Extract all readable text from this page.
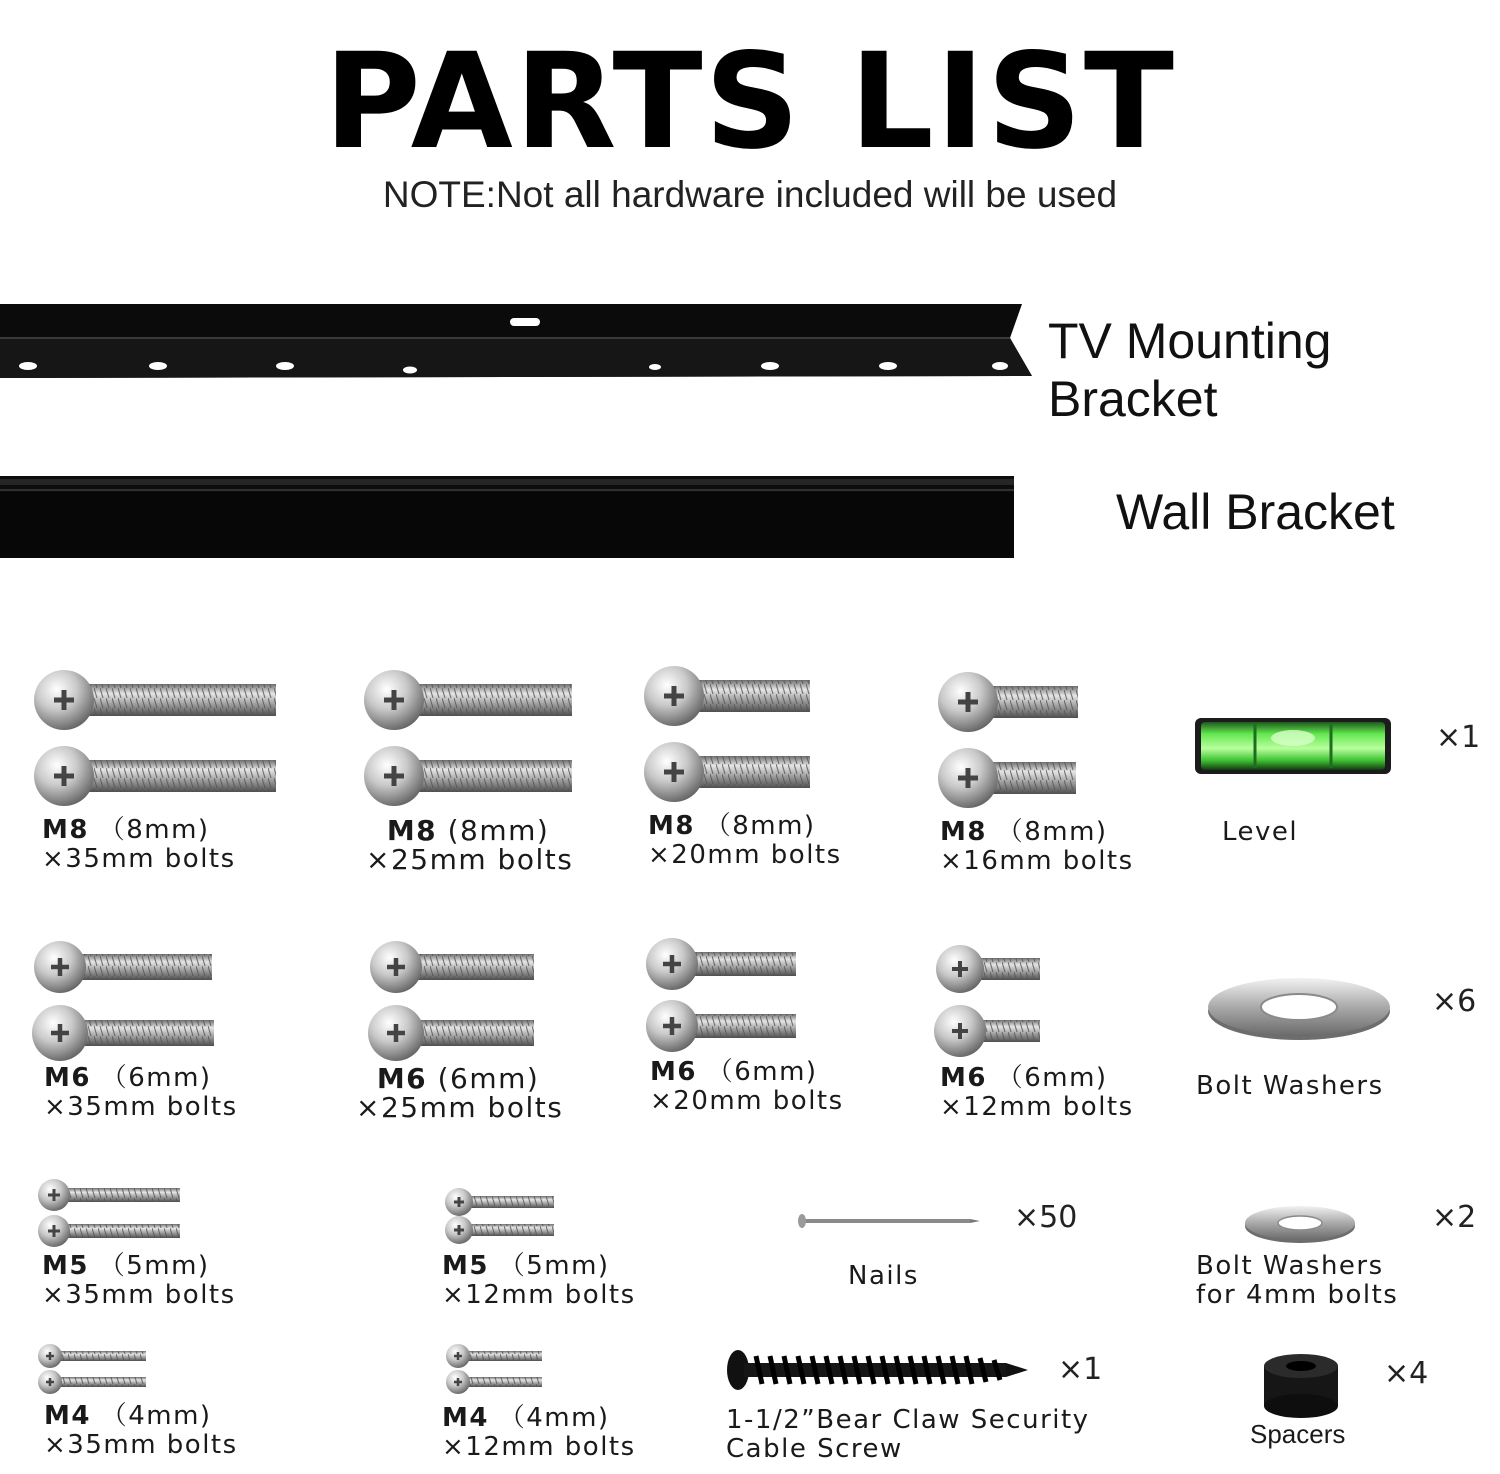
PARTS LIST
NOTE:Not all hardware included will be used
TV Mounting Bracket
Wall Bracket
M8 （8mm)
×35mm bolts
M8 (8mm)
×25mm bolts
M8 （8mm)
×20mm bolts
M8 （8mm)
×16mm bolts
×1
Level
M6 （6mm)
×35mm bolts
M6 (6mm)
×25mm bolts
M6 （6mm)
×20mm bolts
M6 （6mm)
×12mm bolts
×6
Bolt Washers
M5 （5mm)
×35mm bolts
M5 （5mm)
×12mm bolts
×50
Nails
×2
Bolt Washers
for 4mm bolts
M4 （4mm)
×35mm bolts
M4 （4mm)
×12mm bolts
×1
1-1/2”Bear Claw Security
Cable Screw
×4
Spacers
